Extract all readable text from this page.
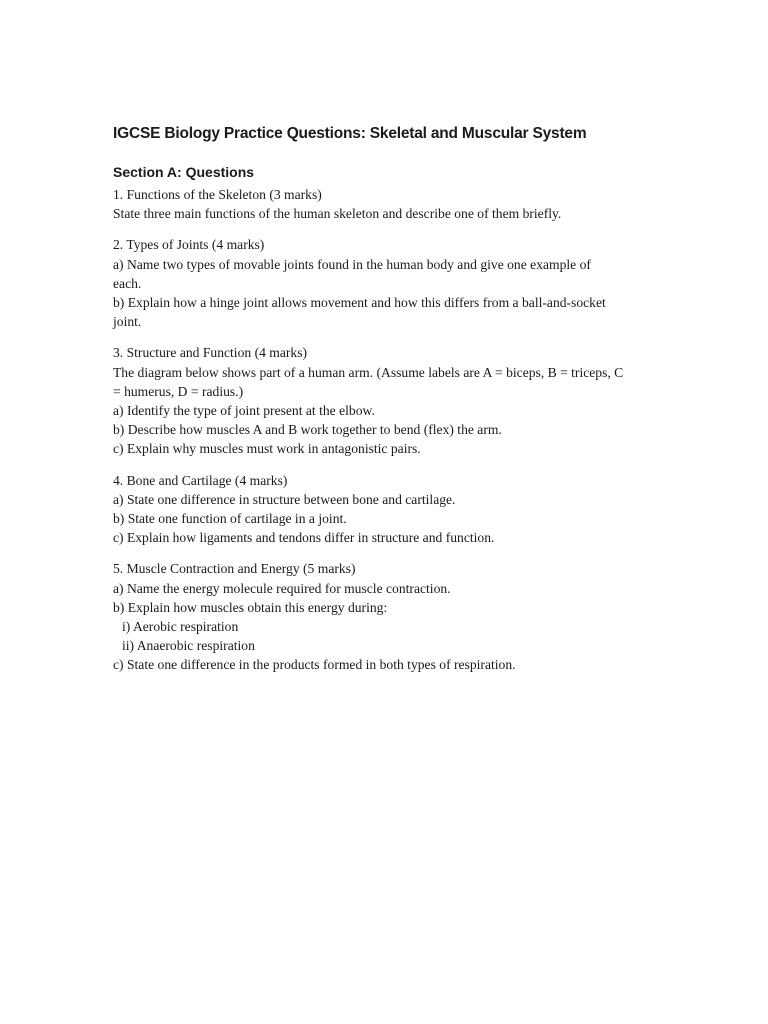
IGCSE Biology Practice Questions: Skeletal and Muscular System
Section A: Questions
1. Functions of the Skeleton (3 marks)
State three main functions of the human skeleton and describe one of them briefly.
2. Types of Joints (4 marks)
a) Name two types of movable joints found in the human body and give one example of
each.
b) Explain how a hinge joint allows movement and how this differs from a ball-and-socket
joint.
3. Structure and Function (4 marks)
The diagram below shows part of a human arm. (Assume labels are A = biceps, B = triceps, C
= humerus, D = radius.)
a) Identify the type of joint present at the elbow.
b) Describe how muscles A and B work together to bend (flex) the arm.
c) Explain why muscles must work in antagonistic pairs.
4. Bone and Cartilage (4 marks)
a) State one difference in structure between bone and cartilage.
b) State one function of cartilage in a joint.
c) Explain how ligaments and tendons differ in structure and function.
5. Muscle Contraction and Energy (5 marks)
a) Name the energy molecule required for muscle contraction.
b) Explain how muscles obtain this energy during:
i) Aerobic respiration
ii) Anaerobic respiration
c) State one difference in the products formed in both types of respiration.
